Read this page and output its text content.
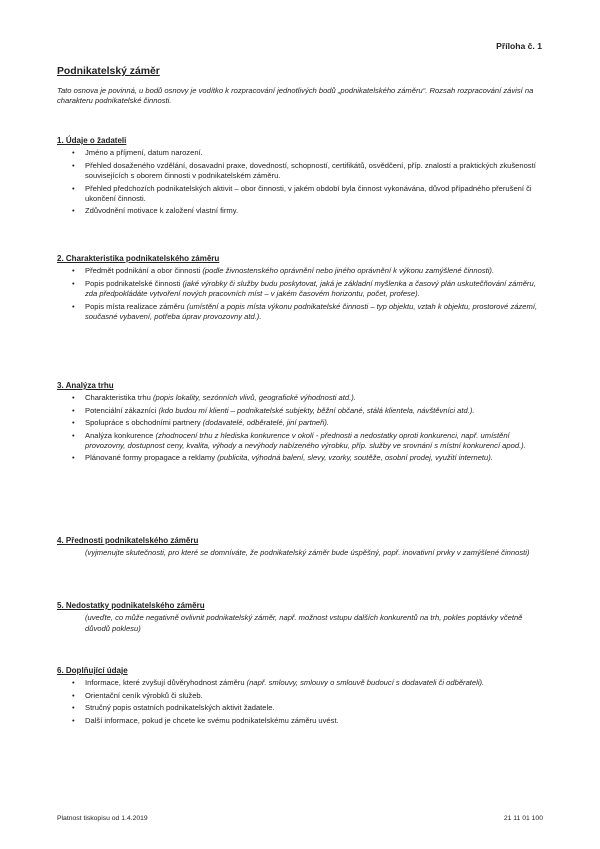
Příloha č. 1
Podnikatelský záměr
Tato osnova je povinná, u bodů osnovy je vodítko k rozpracování jednotlivých bodů „podnikatelského záměru“. Rozsah rozpracování závisí na charakteru podnikatelské činnosti.
1. Údaje o žadateli
• Jméno a příjmení, datum narození.
• Přehled dosaženého vzdělání, dosavadní praxe, dovedností, schopností, certifikátů, osvědčení, příp. znalostí a praktických zkušeností souvisejících s oborem činnosti v podnikatelském záměru.
• Přehled předchozích podnikatelských aktivit – obor činnosti, v jakém období byla činnost vykonávána, důvod případného přerušení či ukončení činnosti.
• Zdůvodnění motivace k založení vlastní firmy.
2. Charakteristika podnikatelského záměru
• Předmět podnikání a obor činnosti (podle živnostenského oprávnění nebo jiného oprávnění k výkonu zamýšlené činnosti).
• Popis podnikatelské činnosti (jaké výrobky či služby budu poskytovat, jaká je základní myšlenka a časový plán uskutečňování záměru, zda předpokládáte vytvoření nových pracovních míst – v jakém časovém horizontu, počet, profese).
• Popis místa realizace záměru (umístění a popis místa výkonu podnikatelské činnosti – typ objektu, vztah k objektu, prostorové zázemí, současné vybavení, potřeba úprav provozovny atd.).
3. Analýza trhu
• Charakteristika trhu (popis lokality, sezónních vlivů, geografické výhodnosti atd.).
• Potenciální zákazníci (kdo budou mí klienti – podnikatelské subjekty, běžní občané, stálá klientela, návštěvníci atd.).
• Spolupráce s obchodními partnery (dodavatelé, odběratelé, jiní partneři).
• Analýza konkurence (zhodnocení trhu z hlediska konkurence v okolí - přednosti a nedostatky oproti konkurenci, např. umístění provozovny, dostupnost ceny, kvalita, výhody a nevýhody nabízeného výrobku, příp. služby ve srovnání s místní konkurencí apod.).
• Plánované formy propagace a reklamy (publicita, výhodná balení, slevy, vzorky, soutěže, osobní prodej, využití internetu).
4. Přednosti podnikatelského záměru
(vyjmenujte skutečnosti, pro které se domníváte, že podnikatelský záměr bude úspěšný, popř. inovativní prvky v zamýšlené činnosti)
5. Nedostatky podnikatelského záměru
(uveďte, co může negativně ovlivnit podnikatelský záměr, např. možnost vstupu dalších konkurentů na trh, pokles poptávky včetně důvodů poklesu)
6. Doplňující údaje
• Informace, které zvyšují důvěryhodnost záměru (např. smlouvy, smlouvy o smlouvě budoucí s dodavateli či odběrateli).
• Orientační ceník výrobků či služeb.
• Stručný popis ostatních podnikatelských aktivit žadatele.
• Další informace, pokud je chcete ke svému podnikatelskému záměru uvést.
Platnost tiskopisu od 1.4.2019	21 11 01 100
